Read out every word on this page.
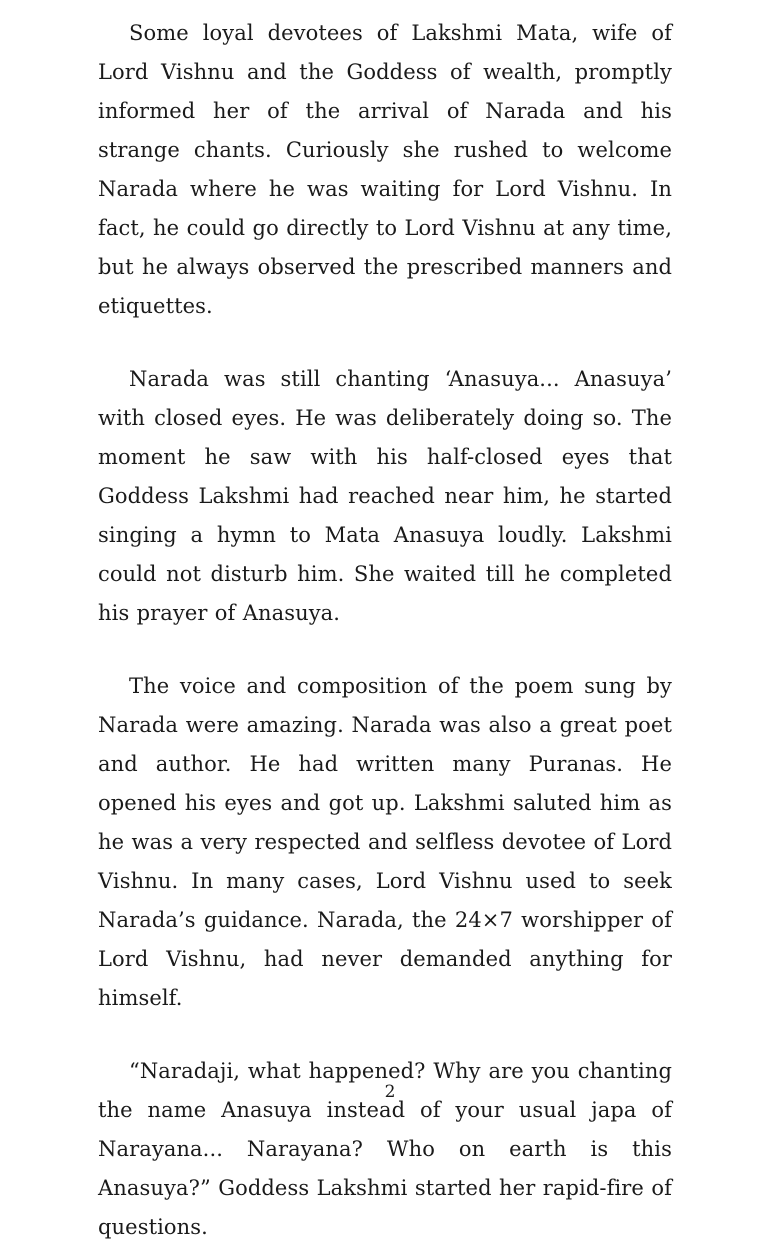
Some loyal devotees of Lakshmi Mata, wife of Lord Vishnu and the Goddess of wealth, promptly informed her of the arrival of Narada and his strange chants. Curiously she rushed to welcome Narada where he was waiting for Lord Vishnu. In fact, he could go directly to Lord Vishnu at any time, but he always observed the prescribed manners and etiquettes.

Narada was still chanting ‘Anasuya... Anasuya’ with closed eyes. He was deliberately doing so. The moment he saw with his half-closed eyes that Goddess Lakshmi had reached near him, he started singing a hymn to Mata Anasuya loudly. Lakshmi could not disturb him. She waited till he completed his prayer of Anasuya.

The voice and composition of the poem sung by Narada were amazing. Narada was also a great poet and author. He had written many Puranas. He opened his eyes and got up. Lakshmi saluted him as he was a very respected and selfless devotee of Lord Vishnu. In many cases, Lord Vishnu used to seek Narada’s guidance. Narada, the 24×7 worshipper of Lord Vishnu, had never demanded anything for himself.

“Naradaji, what happened? Why are you chanting the name Anasuya instead of your usual japa of Narayana... Narayana? Who on earth is this Anasuya?” Goddess Lakshmi started her rapid-fire of questions.

2
